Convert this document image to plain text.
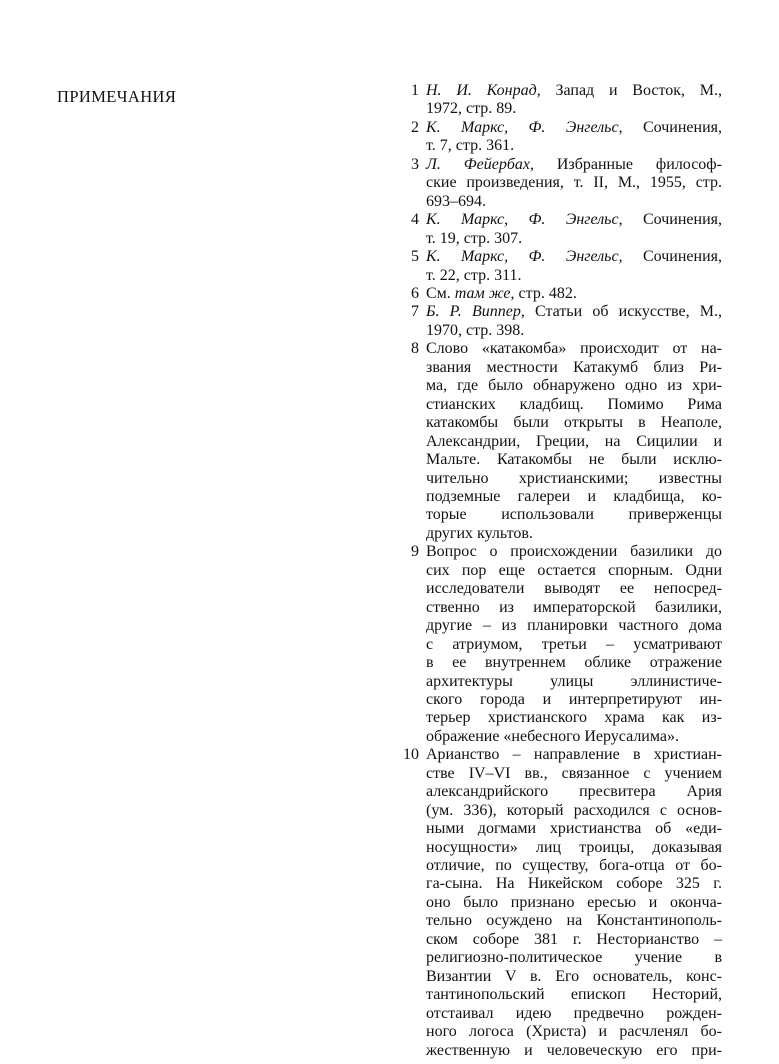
ПРИМЕЧАНИЯ	1 Н. И. Конрад, Запад и Восток, М.,
1972, стр. 89.
2 К. Маркс, Ф. Энгельс, Сочинения,
т. 7, стр. 361.
3 Л. Фейербах, Избранные философ-
ские произведения, т. II, М., 1955, стр.
693–694.
4 К. Маркс, Ф. Энгельс, Сочинения,
т. 19, стр. 307.
5 К. Маркс, Ф. Энгельс, Сочинения,
т. 22, стр. 311.
6 См. там же, стр. 482.
7 Б. Р. Виппер, Статьи об искусстве, М.,
1970, стр. 398.
8 Слово «катакомба» происходит от на-
звания местности Катакумб близ Ри-
ма, где было обнаружено одно из хри-
стианских кладбищ. Помимо Рима
катакомбы были открыты в Неаполе,
Александрии, Греции, на Сицилии и
Мальте. Катакомбы не были исклю-
чительно христианскими; известны
подземные галереи и кладбища, ко-
торые использовали приверженцы
других культов.
9 Вопрос о происхождении базилики до
сих пор еще остается спорным. Одни
исследователи выводят ее непосред-
ственно из императорской базилики,
другие – из планировки частного дома
с атриумом, третьи – усматривают
в ее внутреннем облике отражение
архитектуры улицы эллинистиче-
ского города и интерпретируют ин-
терьер христианского храма как из-
ображение «небесного Иерусалима».
10 Арианство – направление в христиан-
стве IV–VI вв., связанное с учением
александрийского пресвитера Ария
(ум. 336), который расходился с основ-
ными догмами христианства об «еди-
носущности» лиц троицы, доказывая
отличие, по существу, бога-отца от бо-
га-сына. На Никейском соборе 325 г.
оно было признано ересью и оконча-
тельно осуждено на Константинополь-
ском соборе 381 г. Несторианство –
религиозно-политическое учение в
Византии V в. Его основатель, конс-
тантинопольский епископ Несторий,
отстаивал идею предвечно рожден-
ного логоса (Христа) и расчленял бо-
жественную и человеческую его при-
